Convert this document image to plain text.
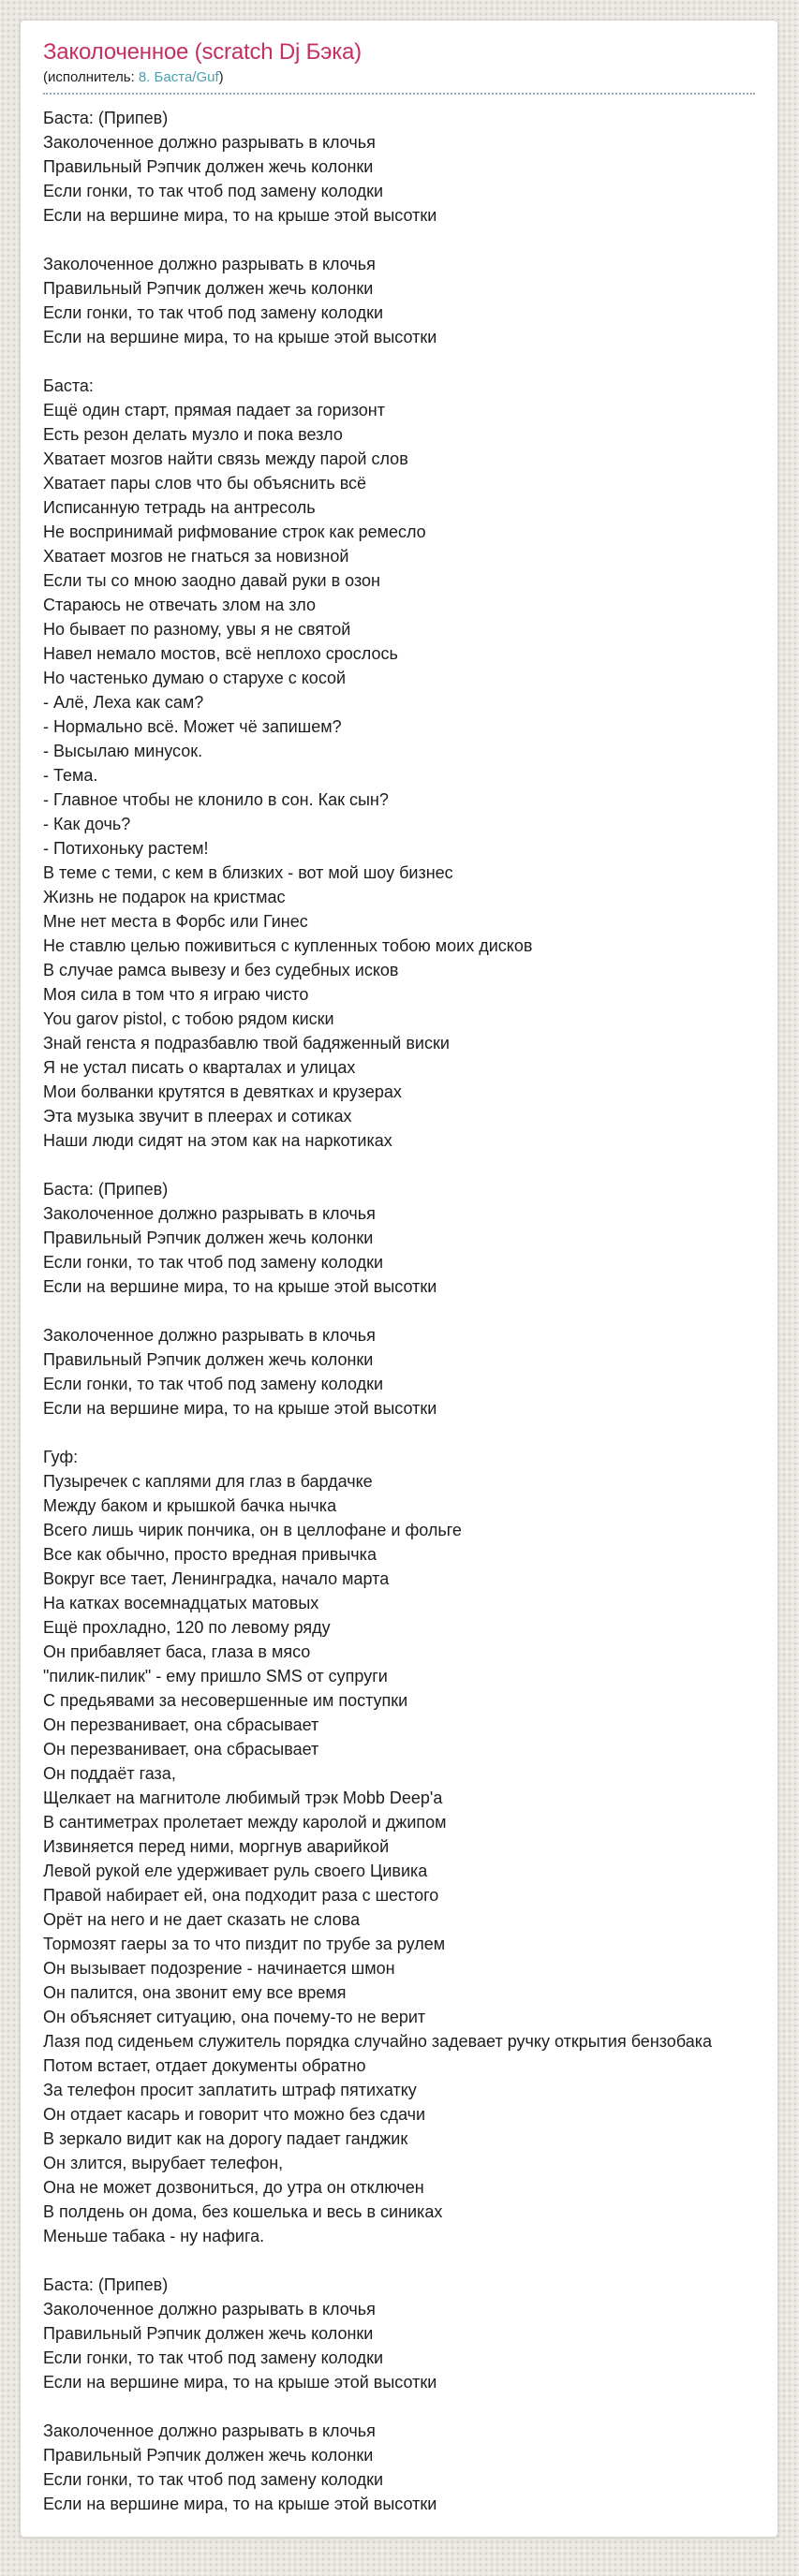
Заколоченное (scratch Dj Бэка)
(исполнитель: 8. Баста/Guf)
Баста: (Припев)
Заколоченное должно разрывать в клочья
Правильный Рэпчик должен жечь колонки
Если гонки, то так чтоб под замену колодки
Если на вершине мира, то на крыше этой высотки
Заколоченное должно разрывать в клочья
Правильный Рэпчик должен жечь колонки
Если гонки, то так чтоб под замену колодки
Если на вершине мира, то на крыше этой высотки
Баста:
Ещё один старт, прямая падает за горизонт
Есть резон делать музло и пока везло
Хватает мозгов найти связь между парой слов
Хватает пары слов что бы объяснить всё
Исписанную тетрадь на антресоль
Не воспринимай рифмование строк как ремесло
Хватает мозгов не гнаться за новизной
Если ты со мною заодно давай руки в озон
Стараюсь не отвечать злом на зло
Но бывает по разному, увы я не святой
Навел немало мостов, всё неплохо срослось
Но частенько думаю о старухе с косой
- Алё, Леха как сам?
- Нормально всё. Может чё запишем?
- Высылаю минусок.
- Тема.
- Главное чтобы не клонило в сон. Как сын?
- Как дочь?
- Потихоньку растем!
В теме с теми, с кем в близких - вот мой шоу бизнес
Жизнь не подарок на кристмас
Мне нет места в Форбс или Гинес
Не ставлю целью поживиться с купленных тобою моих дисков
В случае рамса вывезу и без судебных исков
Моя сила в том что я играю чисто
You garov pistol, с тобою рядом киски
Знай генста я подразбавлю твой бадяженный виски
Я не устал писать о кварталах и улицах
Мои болванки крутятся в девятках и крузерах
Эта музыка звучит в плеерах и сотиках
Наши люди сидят на этом как на наркотиках
Баста: (Припев)
Заколоченное должно разрывать в клочья
Правильный Рэпчик должен жечь колонки
Если гонки, то так чтоб под замену колодки
Если на вершине мира, то на крыше этой высотки
Заколоченное должно разрывать в клочья
Правильный Рэпчик должен жечь колонки
Если гонки, то так чтоб под замену колодки
Если на вершине мира, то на крыше этой высотки
Гуф:
Пузыречек с каплями для глаз в бардачке
Между баком и крышкой бачка нычка
Всего лишь чирик пончика, он в целлофане и фольге
Все как обычно, просто вредная привычка
Вокруг все тает, Ленинградка, начало марта
На катках восемнадцатых матовых
Ещё прохладно, 120 по левому ряду
Он прибавляет баса, глаза в мясо
"пилик-пилик" - ему пришло SMS от супруги
С предьявами за несовершенные им поступки
Он перезванивает, она сбрасывает
Он перезванивает, она сбрасывает
Он поддаёт газа,
Щелкает на магнитоле любимый трэк Mobb Deep'a
В сантиметрах пролетает между каролой и джипом
Извиняется перед ними, моргнув аварийкой
Левой рукой еле удерживает руль своего Цивика
Правой набирает ей, она подходит раза с шестого
Орёт на него и не дает сказать не слова
Тормозят гаеры за то что пиздит по трубе за рулем
Он вызывает подозрение - начинается шмон
Он палится, она звонит ему все время
Он объясняет ситуацию, она почему-то не верит
Лазя под сиденьем служитель порядка случайно задевает ручку открытия бензобака
Потом встает, отдает документы обратно
За телефон просит заплатить штраф пятихатку
Он отдает касарь и говорит что можно без сдачи
В зеркало видит как на дорогу падает ганджик
Он злится, вырубает телефон,
Она не может дозвониться, до утра он отключен
В полдень он дома, без кошелька и весь в синиках
Меньше табака - ну нафига.
Баста: (Припев)
Заколоченное должно разрывать в клочья
Правильный Рэпчик должен жечь колонки
Если гонки, то так чтоб под замену колодки
Если на вершине мира, то на крыше этой высотки
Заколоченное должно разрывать в клочья
Правильный Рэпчик должен жечь колонки
Если гонки, то так чтоб под замену колодки
Если на вершине мира, то на крыше этой высотки
